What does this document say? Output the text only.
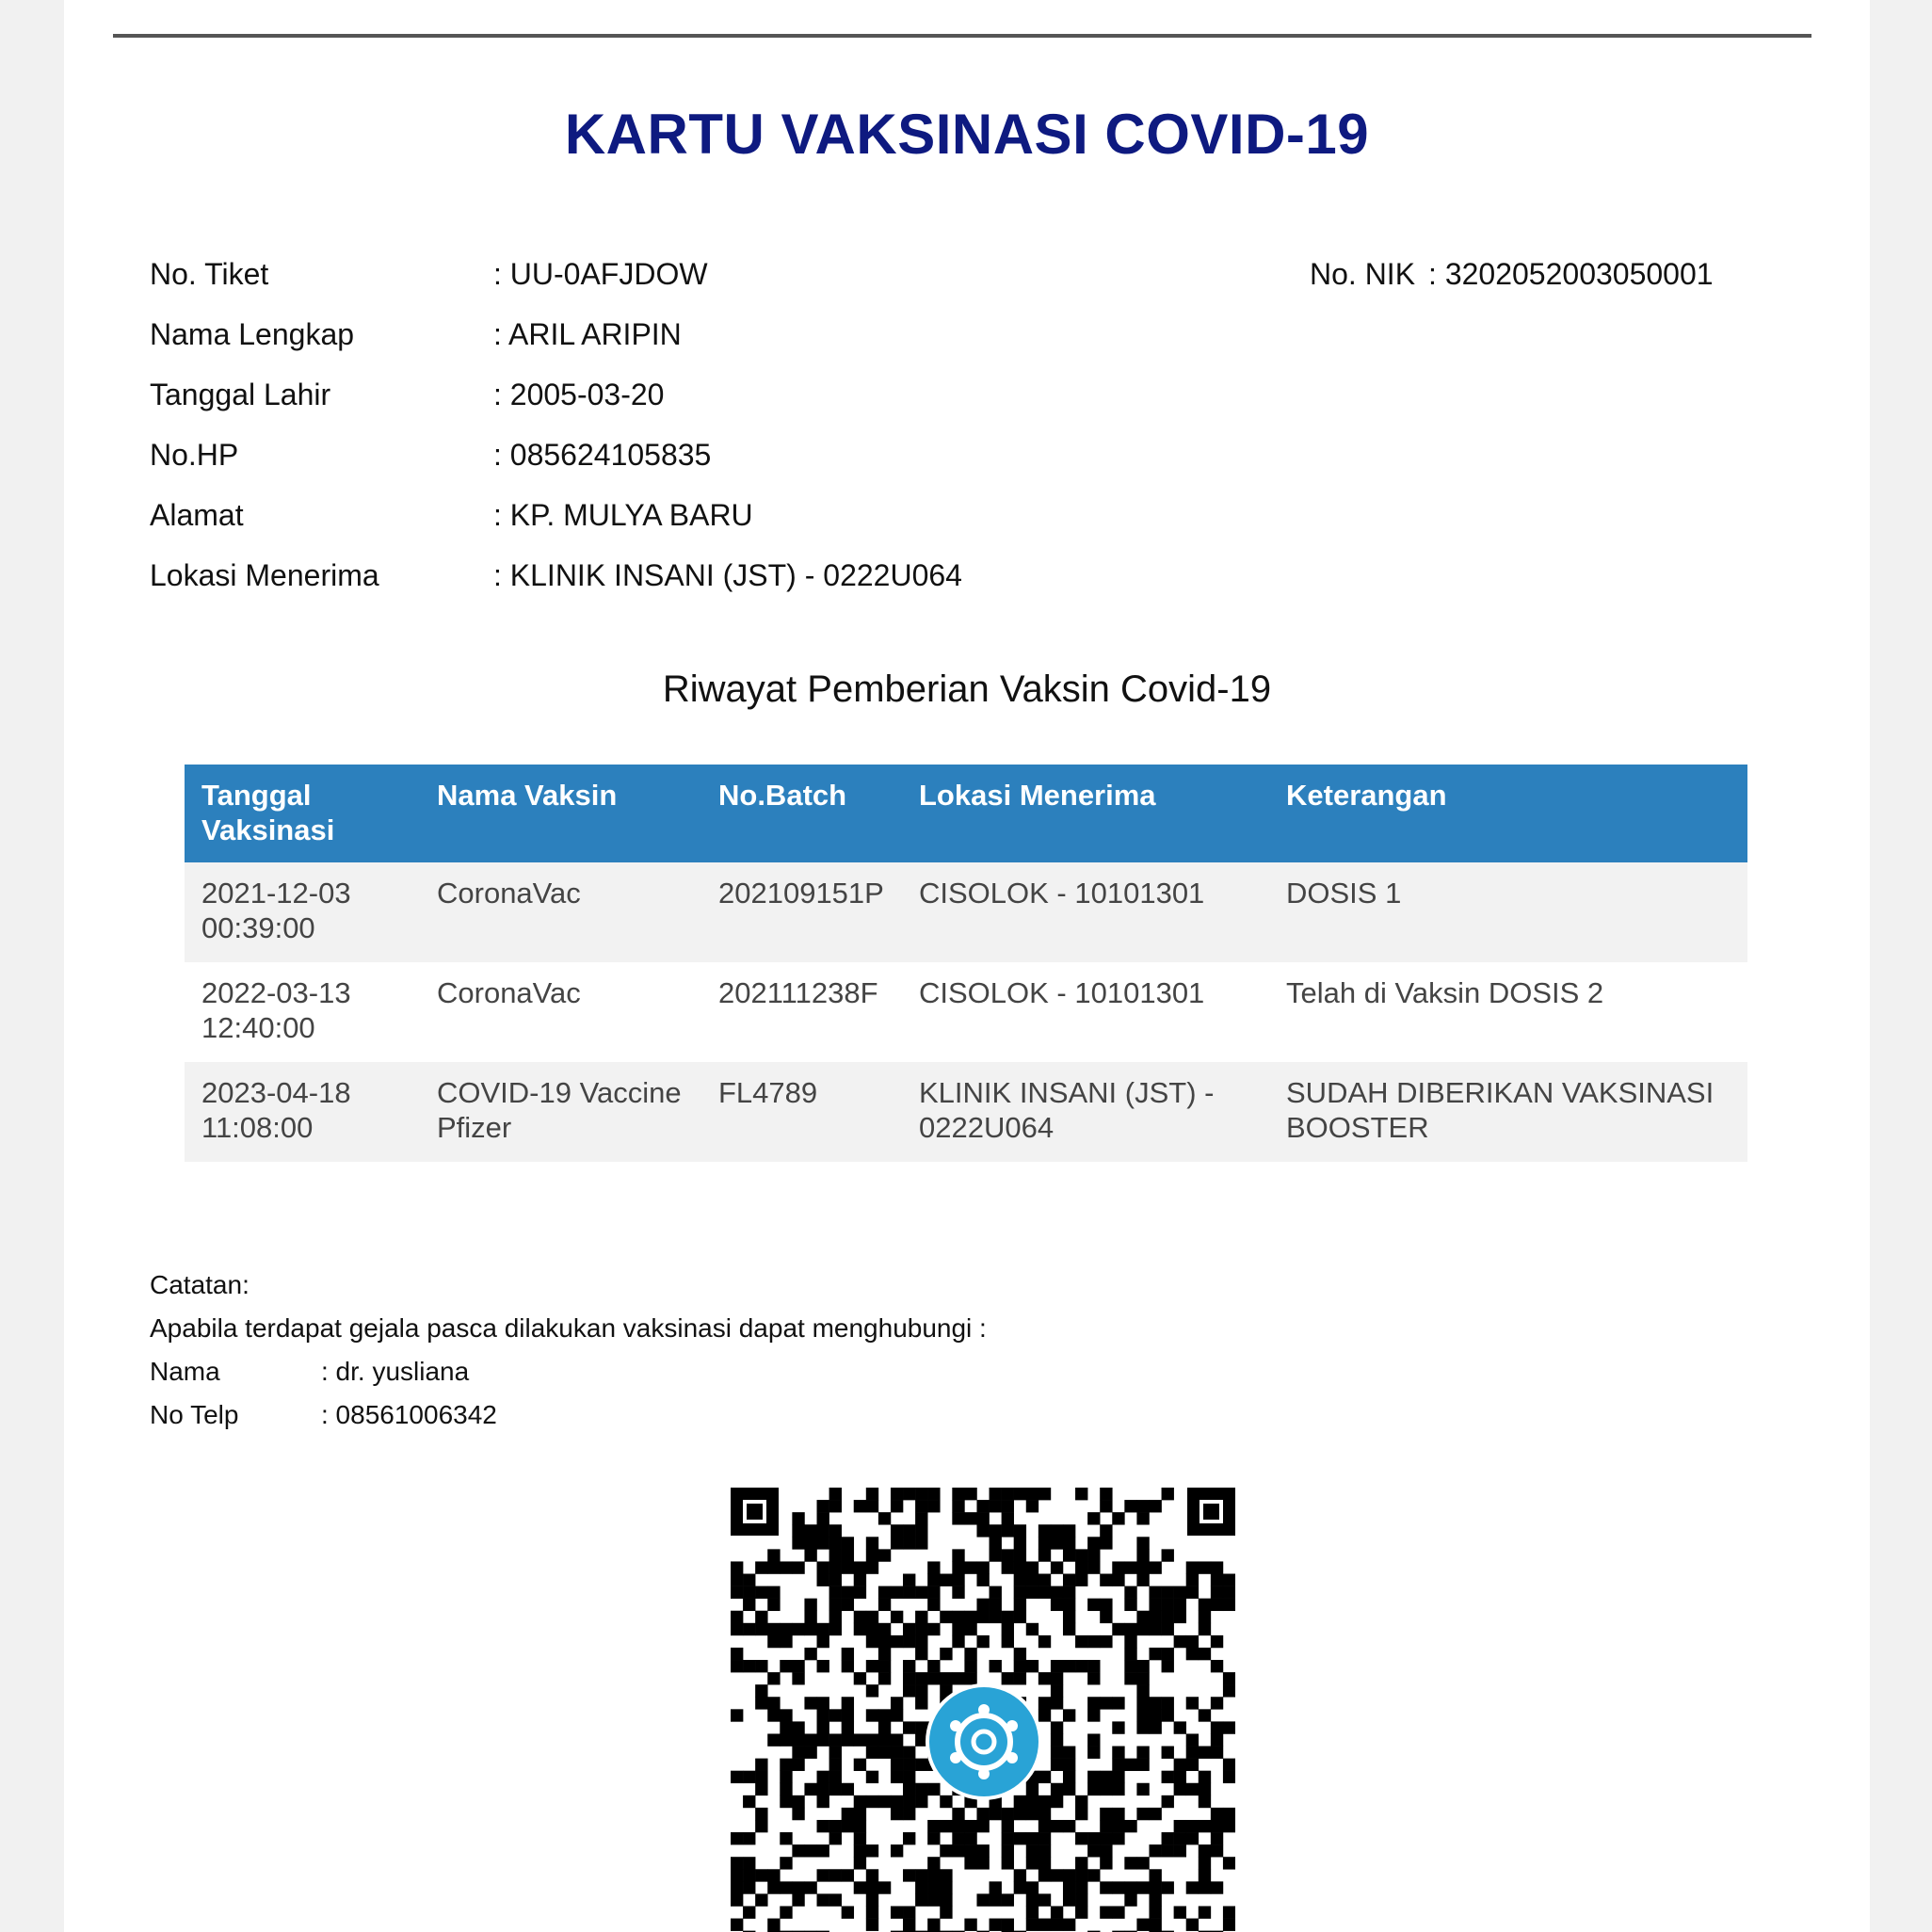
KARTU VAKSINASI COVID-19
No. Tiket	: UU-0AFJDOW
Nama Lengkap	: ARIL ARIPIN
Tanggal Lahir	: 2005-03-20
No.HP	: 085624105835
Alamat	: KP. MULYA BARU
Lokasi Menerima	: KLINIK INSANI (JST) - 0222U064
No. NIK : 3202052003050001
Riwayat Pemberian Vaksin Covid-19
Tanggal Vaksinasi	Nama Vaksin	No.Batch	Lokasi Menerima	Keterangan
2021-12-03 00:39:00	CoronaVac	202109151P	CISOLOK - 10101301	DOSIS 1
2022-03-13 12:40:00	CoronaVac	202111238F	CISOLOK - 10101301	Telah di Vaksin DOSIS 2
2023-04-18 11:08:00	COVID-19 Vaccine Pfizer	FL4789	KLINIK INSANI (JST) - 0222U064	SUDAH DIBERIKAN VAKSINASI BOOSTER
Catatan:
Apabila terdapat gejala pasca dilakukan vaksinasi dapat menghubungi :
Nama	: dr. yusliana
No Telp	: 08561006342
